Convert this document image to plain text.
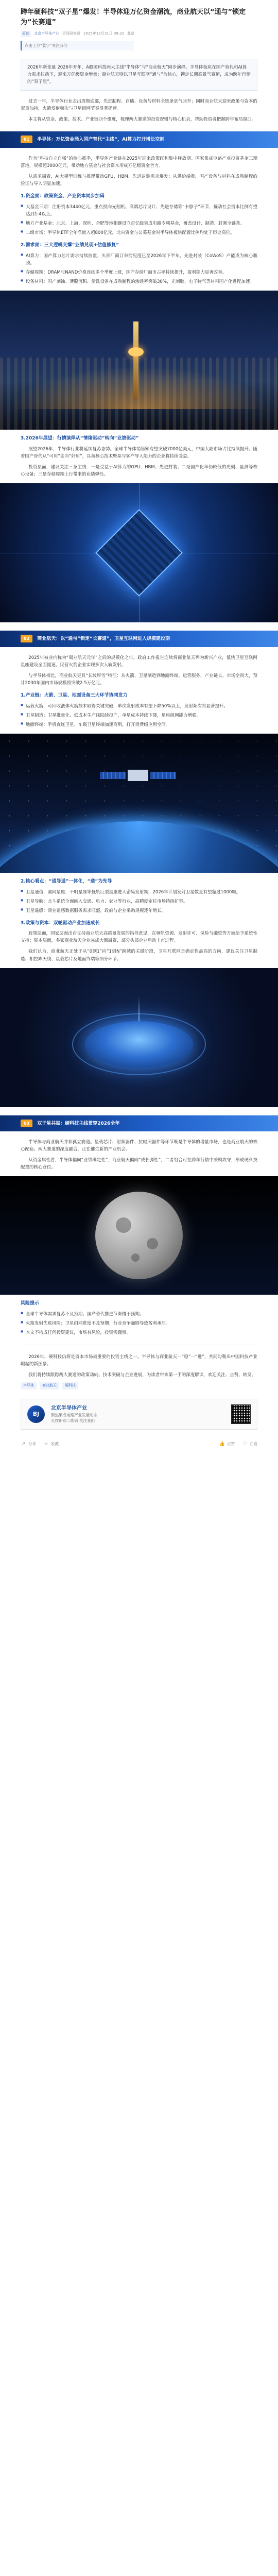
跨年硬科技“双子星”爆发！半导体迎万亿资金潮流，商业航天以“通与”锁定为“长赛道”
原创	北京半导体产业 资深研究员 2025年12月31日 09:32 北京
点击上方“蓝字”关注我们

2026年新变量 2026年开年，A股硬科技两大主线“半导体”与“商业航天”同步演绎。半导体板块在国产替代和AI算力需求拉动下，迎来万亿级资金增量；商业航天则以卫星互联网“通与”为核心，锁定长期高景气赛道，成为跨年行情的“双子星”。

过去一年，半导体行业走出周期底部，先进制程、存储、设备与材料全链条景气回升；同时商业航天迎来政策与资本的双重加持，火箭发射频次与卫星组网节奏显著提速。

本文将从资金、政策、技术、产业链四个维度，梳理两大赛道的投资逻辑与核心机会，帮助投资者把握跨年布局窗口。

01 半导体：万亿资金涌入国产替代“主线”，AI算力打开增长空间

作为“科技自立自强”的核心抓手，半导体产业链在2025年迎来政策红利集中释放期。国家集成电路产业投资基金三期落地，规模超3000亿元，带动地方基金与社会资本形成万亿级资金合力。

从需求端看，AI大模型训练与推理带动GPU、HBM、先进封装需求爆发；从供给端看，国产设备与材料在成熟制程的验证与导入明显加速。

1.资金面：政策资金、产业资本同步加码
● 大基金三期：注册资本3440亿元，重点投向光刻机、高端芯片设计、先进存储等“卡脖子”环节，撬动社会资本比例有望达到1:4以上。
● 地方产业基金：北京、上海、深圳、合肥等地相继设立百亿级集成电路专项基金，覆盖设计、制造、封测全链条。
● 二级市场：半导体ETF全年净流入超800亿元，北向资金与公募基金对半导体板块配置比例均处于历史高位。
2.需求面：三大逻辑支撑“业绩兑现+估值修复”
● AI算力：国产算力芯片需求持续放量，头部厂商订单能见度已至2026年下半年，先进封装（CoWoS）产能成为核心瓶颈。
● 存储周期：DRAM与NAND价格连续多个季度上涨，国产存储厂商市占率持续提升，盈利能力显著改善。
● 设备材料：国产刻蚀、薄膜沉积、清洗设备在成熟制程的渗透率突破30%，光刻胶、电子特气等材料国产化进程加速。
3.2026年展望：行情演绎从“情绪驱动”转向“业绩驱动”

展望2026年，半导体行业将延续复苏态势。全球半导体销售额有望突破7000亿美元，中国大陆市场占比持续提升。随着国产替代从“可用”走向“好用”，具备核心技术壁垒与客户导入能力的企业将持续受益。

投资层面，建议关注三条主线：一是受益于AI算力的GPU、HBM、先进封装；二是国产化率仍较低的光刻、量测等核心设备；三是存储周期上行带来的业绩弹性。

02 商业航天：以“通与”锁定“长赛道”，卫星互联网进入规模建设期

2025年被业内称为“商业航天元年”之后的规模化之年。政府工作报告连续将商业航天列为新兴产业，低轨卫星互联网星座建设全面提速，民营火箭企业实现多次入轨发射。

与半导体相比，商业航天更具“长坡厚雪”特征：从火箭、卫星制造到地面终端、运营服务，产业链长、市场空间大，预计2030年国内市场规模将突破2.5万亿元。

1.产业链：火箭、卫星、地面设备三大环节协同发力
● 运载火箭：可回收液体火箭技术取得关键突破，单次发射成本有望下降50%以上，发射频次将显著提升。
● 卫星制造：卫星批量化、低成本生产线陆续投产，单星成本持续下降，星座组网能力增强。
● 地面终端：手机直连卫星、车载卫星终端加速商用，打开消费级应用空间。
2.核心看点：“通导遥”一体化，“通”为先导
● 卫星通信：国网星座、千帆星座等低轨巨型星座进入密集发射期，2026年计划发射卫星数量有望超过1000颗。
● 卫星导航：北斗系统全面融入交通、电力、农业等行业，高精度定位市场持续扩容。
● 卫星遥感：商业遥感数据服务需求旺盛，政府与企业采购规模逐年增长。
3.政策与资本：双轮驱动产业加速成长

政策层面，国家层面出台支持商业航天高质量发展的指导意见，在频轨资源、发射许可、保险与融资等方面给予系统性支持；资本层面，多家商业航天企业完成大额融资，部分头部企业启动上市进程。

我们认为，商业航天正处于从“0到1”向“1到N”跨越的关键阶段，卫星互联网是确定性最高的方向，建议关注卫星制造、相控阵天线、星载芯片及地面终端等细分环节。

03 双子星共振：硬科技主线贯穿2026全年

半导体与商业航天并非孤立赛道。星载芯片、射频器件、抗辐照器件等环节既是半导体的增量市场，也是商业航天的核心配套。两大赛道的深度融合，正在催生新的产业机会。

从资金属性看，半导体偏向“业绩确定性”，商业航天偏向“成长弹性”，二者组合可在跨年行情中兼顾攻守，形成硬科技配置的核心仓位。

风险提示
● 全球半导体需求复苏不及预期；国产替代推进节奏慢于预期。
● 火箭发射失败风险；卫星组网进度不及预期；行业竞争加剧导致盈利承压。
● 本文不构成任何投资建议，市场有风险，投资需谨慎。

2026年，硬科技仍将是资本市场最重要的投资主线之一。半导体与商业航天一“稳”一“进”，共同勾勒出中国科技产业崛起的新图景。

我们将持续跟踪两大赛道的政策动向、技术突破与企业进展，为读者带来第一手的深度解读，欢迎关注、点赞、转发。

半导体	商业航天	硬科技
BJ
北京半导体产业
聚焦集成电路产业发展动态
长按识别二维码 关注我们
↗ 分享 ☆ 收藏	👍 点赞 ♡ 在看
